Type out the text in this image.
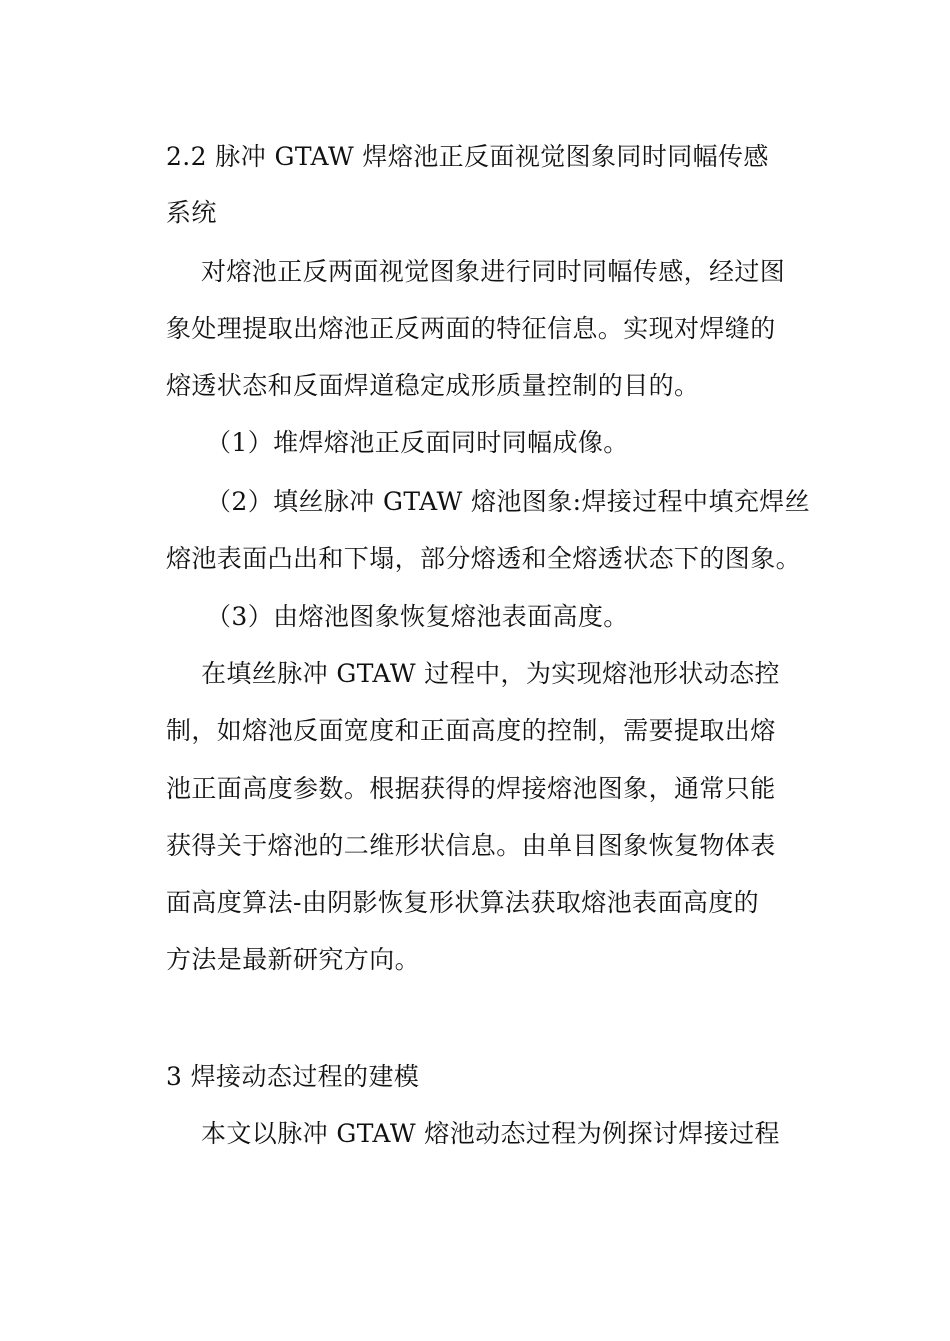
2.2 脉冲 GTAW 焊熔池正反面视觉图象同时同幅传感
系统
对熔池正反两面视觉图象进行同时同幅传感，经过图
象处理提取出熔池正反两面的特征信息。实现对焊缝的
熔透状态和反面焊道稳定成形质量控制的目的。
（1）堆焊熔池正反面同时同幅成像。
（2）填丝脉冲 GTAW 熔池图象:焊接过程中填充焊丝
熔池表面凸出和下塌，部分熔透和全熔透状态下的图象。
（3）由熔池图象恢复熔池表面高度。
在填丝脉冲 GTAW 过程中，为实现熔池形状动态控
制，如熔池反面宽度和正面高度的控制，需要提取出熔
池正面高度参数。根据获得的焊接熔池图象，通常只能
获得关于熔池的二维形状信息。由单目图象恢复物体表
面高度算法-由阴影恢复形状算法获取熔池表面高度的
方法是最新研究方向。
3 焊接动态过程的建模
本文以脉冲 GTAW 熔池动态过程为例探讨焊接过程
